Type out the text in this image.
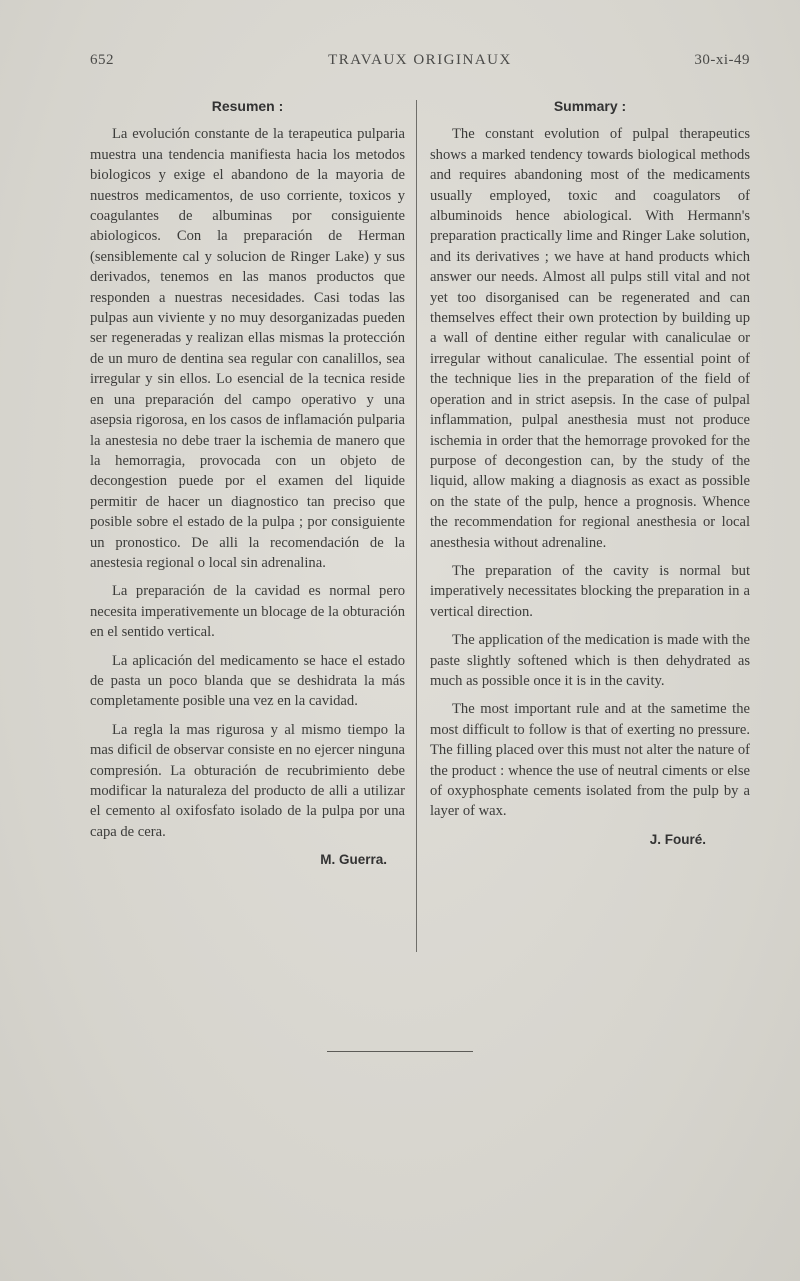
652	TRAVAUX ORIGINAUX	30-xi-49
Resumen :

La evolución constante de la terapeutica pulparia muestra una tendencia manifiesta hacia los metodos biologicos y exige el abandono de la mayoria de nuestros medicamentos, de uso corriente, toxicos y coagulantes de albuminas por consiguiente abiologicos. Con la preparación de Herman (sensiblemente cal y solucion de Ringer Lake) y sus derivados, tenemos en las manos productos que responden a nuestras necesidades. Casi todas las pulpas aun viviente y no muy desorganizadas pueden ser regeneradas y realizan ellas mismas la protección de un muro de dentina sea regular con canalillos, sea irregular y sin ellos. Lo esencial de la tecnica reside en una preparación del campo operativo y una asepsia rigorosa, en los casos de inflamación pulparia la anestesia no debe traer la ischemia de manero que la hemorragia, provocada con un objeto de decongestion puede por el examen del liquide permitir de hacer un diagnostico tan preciso que posible sobre el estado de la pulpa ; por consiguiente un pronostico. De alli la recomendación de la anestesia regional o local sin adrenalina.

La preparación de la cavidad es normal pero necesita imperativemente un blocage de la obturación en el sentido vertical.

La aplicación del medicamento se hace el estado de pasta un poco blanda que se deshidrata la más completamente posible una vez en la cavidad.

La regla la mas rigurosa y al mismo tiempo la mas dificil de observar consiste en no ejercer ninguna compresión. La obturación de recubrimiento debe modificar la naturaleza del producto de alli a utilizar el cemento al oxifosfato isolado de la pulpa por una capa de cera.

M. Guerra.
Summary :

The constant evolution of pulpal therapeutics shows a marked tendency towards biological methods and requires abandoning most of the medicaments usually employed, toxic and coagulators of albuminoids hence abiological. With Hermann's preparation practically lime and Ringer Lake solution, and its derivatives ; we have at hand products which answer our needs. Almost all pulps still vital and not yet too disorganised can be regenerated and can themselves effect their own protection by building up a wall of dentine either regular with canaliculae or irregular without canaliculae. The essential point of the technique lies in the preparation of the field of operation and in strict asepsis. In the case of pulpal inflammation, pulpal anesthesia must not produce ischemia in order that the hemorrage provoked for the purpose of decongestion can, by the study of the liquid, allow making a diagnosis as exact as possible on the state of the pulp, hence a prognosis. Whence the recommendation for regional anesthesia or local anesthesia without adrenaline.

The preparation of the cavity is normal but imperatively necessitates blocking the preparation in a vertical direction.

The application of the medication is made with the paste slightly softened which is then dehydrated as much as possible once it is in the cavity.

The most important rule and at the sametime the most difficult to follow is that of exerting no pressure. The filling placed over this must not alter the nature of the product : whence the use of neutral ciments or else of oxyphosphate cements isolated from the pulp by a layer of wax.

J. Fouré.
